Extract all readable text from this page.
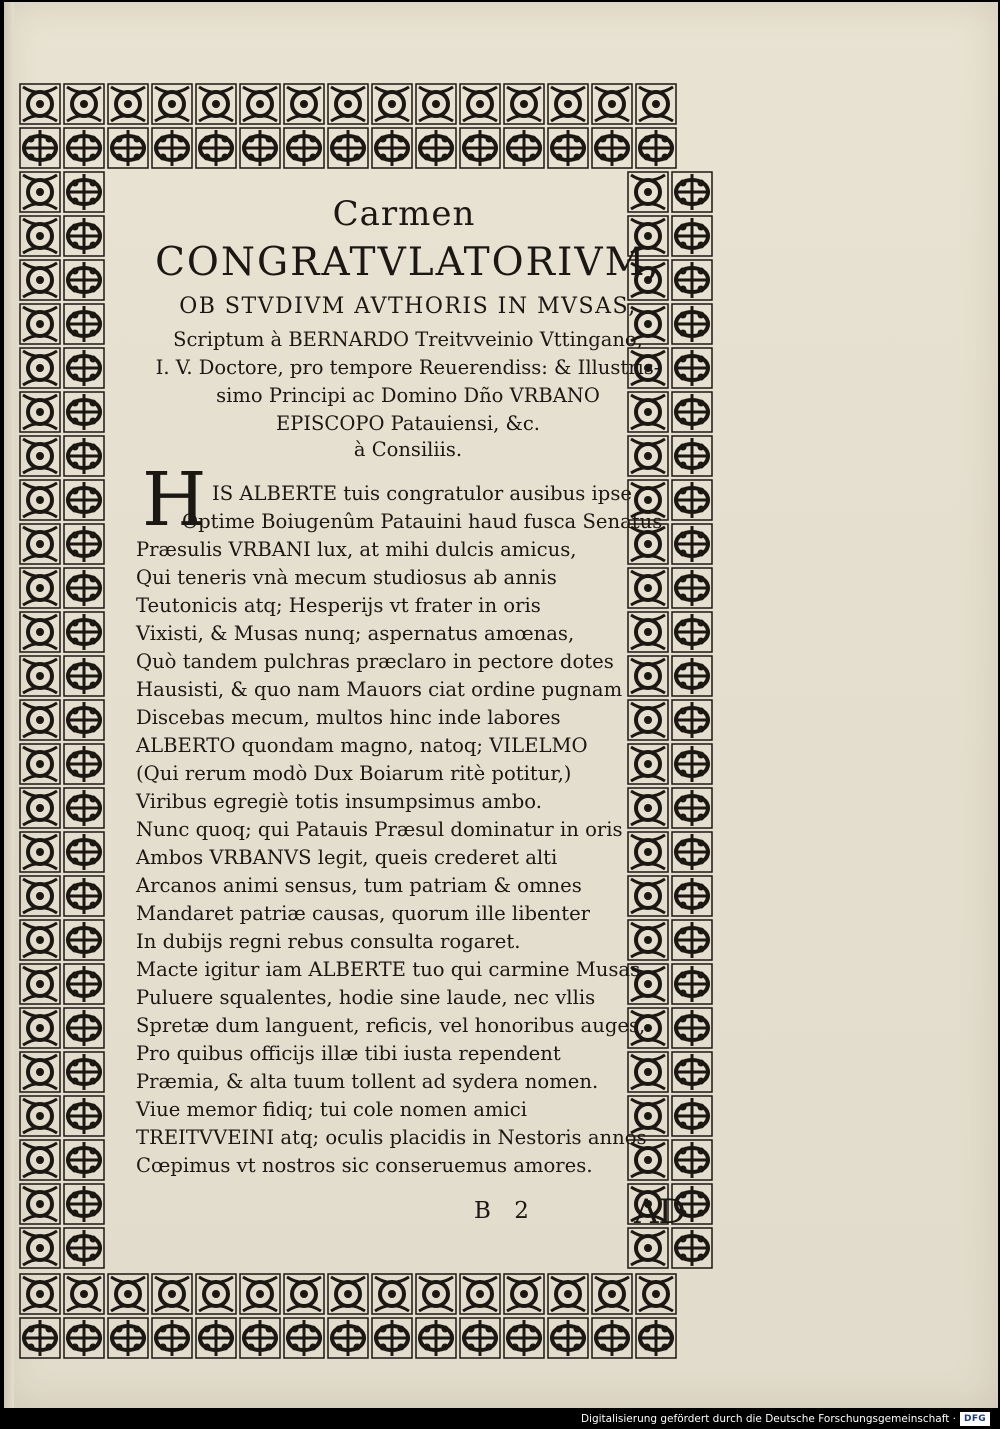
Carmen
CONGRATVLATORIVM,
OB STVDIVM AVTHORIS IN MVSAS,
Scriptum à BERNARDO Treitvveinio Vttingano,
I. V. Doctore, pro tempore Reuerendiss: & Illustris-
simo Principi ac Domino Dño VRBANO
EPISCOPO Patauiensi, &c.
à Consiliis.
H IS ALBERTE tuis congratulor ausibus ipse
Optime Boiugenûm Patauini haud fusca Senatus
Præsulis VRBANI lux, at mihi dulcis amicus,
Qui teneris vnà mecum studiosus ab annis
Teutonicis atq; Hesperijs vt frater in oris
Vixisti, & Musas nunq; aspernatus amœnas,
Quò tandem pulchras præclaro in pectore dotes
Hausisti, & quo nam Mauors ciat ordine pugnam
Discebas mecum, multos hinc inde labores
ALBERTO quondam magno, natoq; VILELMO
(Qui rerum modò Dux Boiarum ritè potitur,)
Viribus egregiè totis insumpsimus ambo.
Nunc quoq; qui Patauis Præsul dominatur in oris
Ambos VRBANVS legit, queis crederet alti
Arcanos animi sensus, tum patriam & omnes
Mandaret patriæ causas, quorum ille libenter
In dubijs regni rebus consulta rogaret.
Macte igitur iam ALBERTE tuo qui carmine Musas
Puluere squalentes, hodie sine laude, nec vllis
Spretæ dum languent, reficis, vel honoribus auges,
Pro quibus officijs illæ tibi iusta rependent
Præmia, & alta tuum tollent ad sydera nomen.
Viue memor fidiq; tui cole nomen amici
TREITVVEINI atq; oculis placidis in Nestoris annos
Cœpimus vt nostros sic conseruemus amores.
B 2	AD
Digitalisierung gefördert durch die Deutsche Forschungsgemeinschaft · DFG
